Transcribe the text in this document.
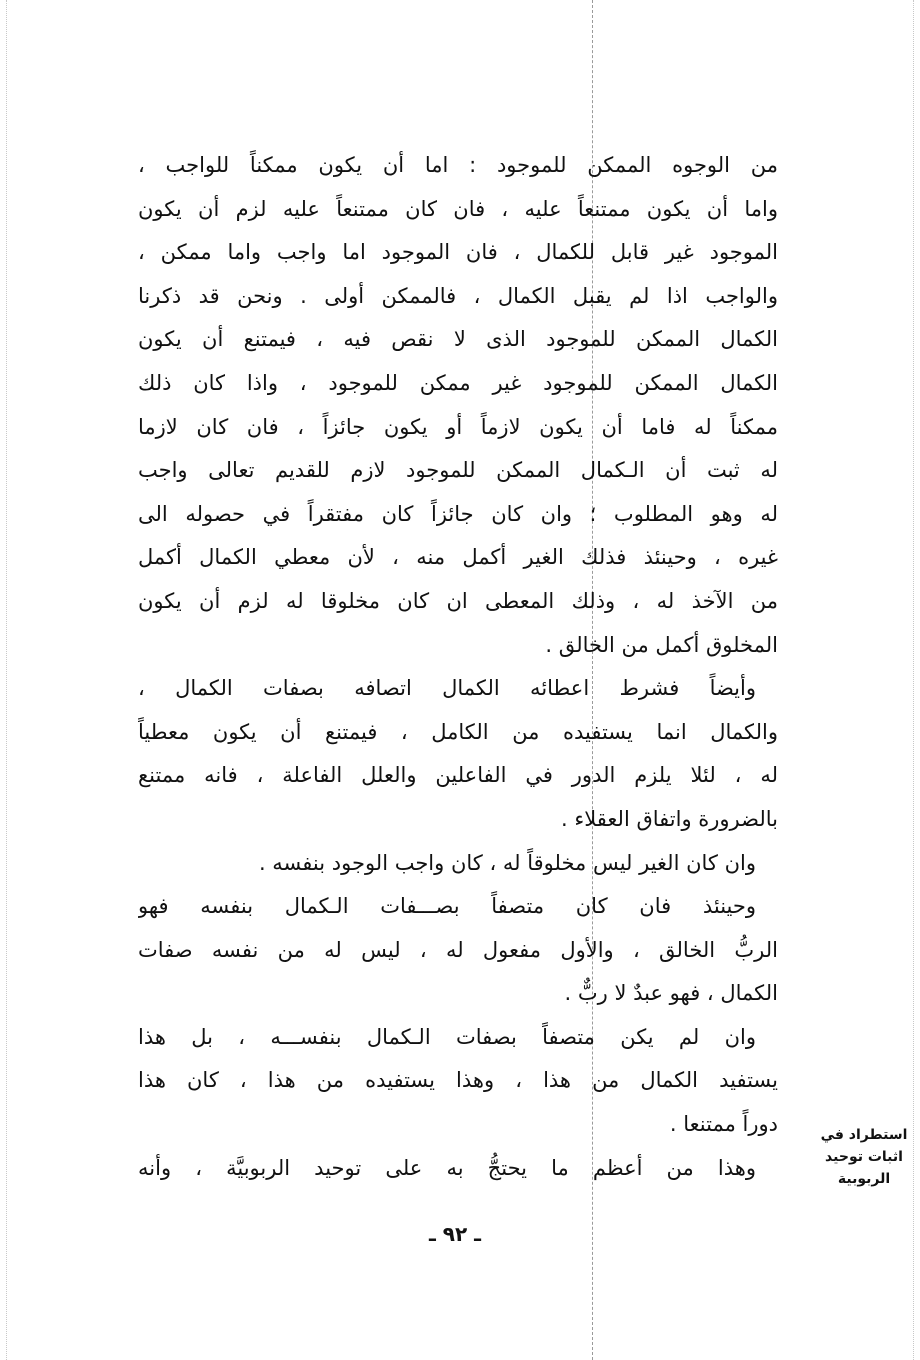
من الوجوه الممكن للموجود : اما أن يكون ممكناً للواجب ،
واما أن يكون ممتنعاً عليه ، فان كان ممتنعاً عليه لزم أن يكون
الموجود غير قابل للكمال ، فان الموجود اما واجب واما ممكن ،
والواجب اذا لم يقبل الكمال ، فالممكن أولى . ونحن قد ذكرنا
الكمال الممكن للموجود الذى لا نقص فيه ، فيمتنع أن يكون
الكمال الممكن للموجود غير ممكن للموجود ، واذا كان ذلك
ممكناً له فاما أن يكون لازماً أو يكون جائزاً ، فان كان لازما
له ثبت أن الـكمال الممكن للموجود لازم للقديم تعالى واجب
له وهو المطلوب ؛ وان كان جائزاً كان مفتقراً في حصوله الى
غيره ، وحينئذ فذلك الغير أكمل منه ، لأن معطي الكمال أكمل
من الآخذ له ، وذلك المعطى ان كان مخلوقا له لزم أن يكون
المخلوق أكمل من الخالق .
وأيضاً فشرط اعطائه الكمال اتصافه بصفات الكمال ،
والكمال انما يستفيده من الكامل ، فيمتنع أن يكون معطياً
له ، لئلا يلزم الدور في الفاعلين والعلل الفاعلة ، فانه ممتنع
بالضرورة واتفاق العقلاء .
وان كان الغير ليس مخلوقاً له ، كان واجب الوجود بنفسه .
وحينئذ فان كان متصفاً بصـــفات الـكمال بنفسه فهو
الربُّ الخالق ، والأول مفعول له ، ليس له من نفسه صفات
الكمال ، فهو عبدٌ لا ربٌّ .
وان لم يكن متصفاً بصفات الـكمال بنفســـه ، بل هذا
يستفيد الكمال من هذا ، وهذا يستفيده من هذا ، كان هذا
دوراً ممتنعا .
وهذا من أعظم ما يحتجُّ به على توحيد الربوبيَّة ، وأنه
استطراد في
اثبات توحيد
الربوبية
ـ ٩٢ ـ
